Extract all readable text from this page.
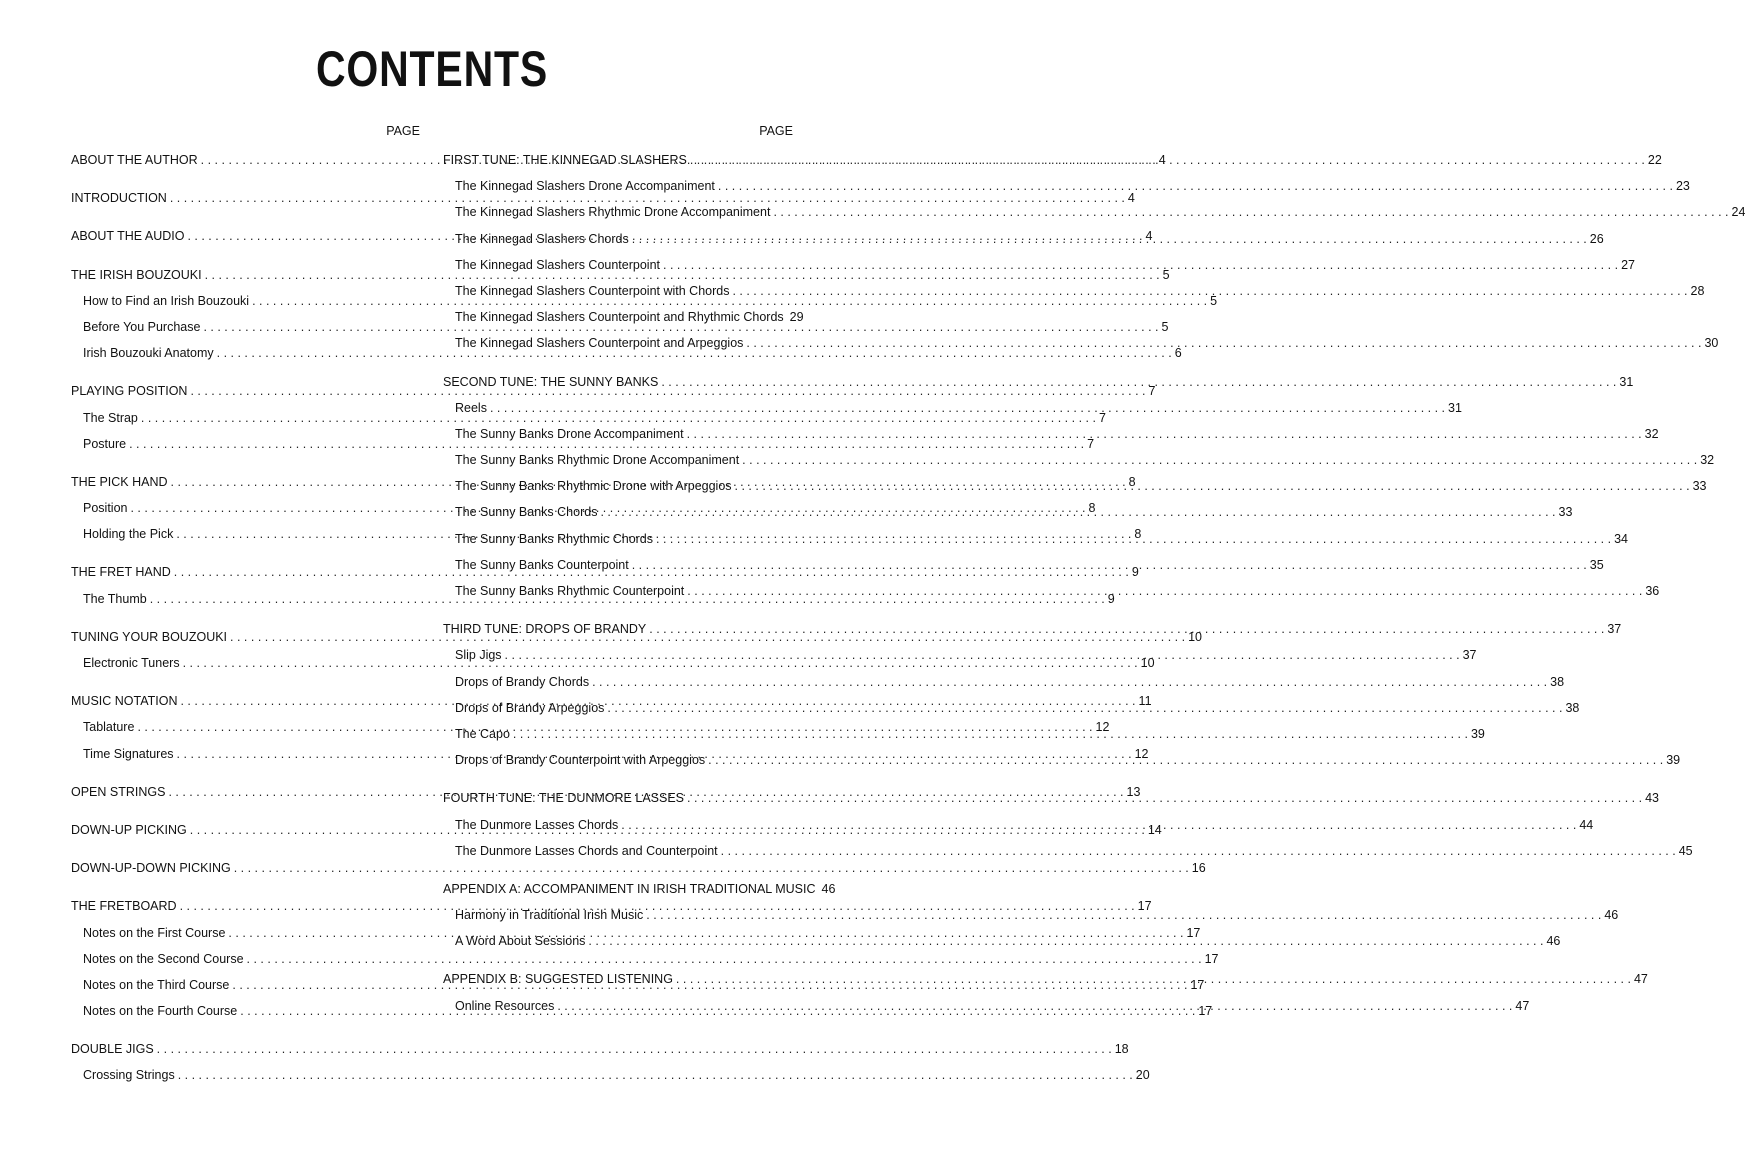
CONTENTS
PAGE
ABOUT THE AUTHOR . . .	4
INTRODUCTION . . .	4
ABOUT THE AUDIO . . .	4
THE IRISH BOUZOUKI . . .	5
How to Find an Irish Bouzouki . . .	5
Before You Purchase . . .	5
Irish Bouzouki Anatomy . . .	6
PLAYING POSITION . . .	7
The Strap . . .	7
Posture . . .	7
THE PICK HAND . . .	8
Position . . .	8
Holding the Pick . . .	8
THE FRET HAND . . .	9
The Thumb . . .	9
TUNING YOUR BOUZOUKI . . .	10
Electronic Tuners . . .	10
MUSIC NOTATION . . .	11
Tablature . . .	12
Time Signatures . . .	12
OPEN STRINGS . . .	13
DOWN-UP PICKING . . .	14
DOWN-UP-DOWN PICKING . . .	16
THE FRETBOARD . . .	17
Notes on the First Course . . .	17
Notes on the Second Course . . .	17
Notes on the Third Course . . .	17
Notes on the Fourth Course . . .	17
DOUBLE JIGS . . .	18
Crossing Strings . . .	20
PAGE
FIRST TUNE: THE KINNEGAD SLASHERS . . .	22
The Kinnegad Slashers Drone Accompaniment . . .	23
The Kinnegad Slashers Rhythmic Drone Accompaniment . . .	24
The Kinnegad Slashers Chords . . .	26
The Kinnegad Slashers Counterpoint . . .	27
The Kinnegad Slashers Counterpoint with Chords . . .	28
The Kinnegad Slashers Counterpoint and Rhythmic Chords 29
The Kinnegad Slashers Counterpoint and Arpeggios . . .	30
SECOND TUNE: THE SUNNY BANKS . . .	31
Reels . . .	31
The Sunny Banks Drone Accompaniment . . .	32
The Sunny Banks Rhythmic Drone Accompaniment . . .	32
The Sunny Banks Rhythmic Drone with Arpeggios . . .	33
The Sunny Banks Chords . . .	33
The Sunny Banks Rhythmic Chords . . .	34
The Sunny Banks Counterpoint . . .	35
The Sunny Banks Rhythmic Counterpoint . . .	36
THIRD TUNE: DROPS OF BRANDY . . .	37
Slip Jigs . . .	37
Drops of Brandy Chords . . .	38
Drops of Brandy Arpeggios . . .	38
The Capo . . .	39
Drops of Brandy Counterpoint with Arpeggios . . .	39
FOURTH TUNE: THE DUNMORE LASSES . . .	43
The Dunmore Lasses Chords . . .	44
The Dunmore Lasses Chords and Counterpoint . . .	45
APPENDIX A: ACCOMPANIMENT IN IRISH TRADITIONAL MUSIC 46
Harmony in Traditional Irish Music . . .	46
A Word About Sessions . . .	46
APPENDIX B: SUGGESTED LISTENING . . .	47
Online Resources . . .	47
